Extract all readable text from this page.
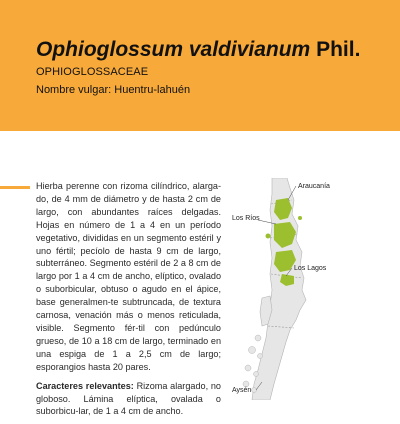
Ophioglossum valdivianum Phil.
OPHIOGLOSSACEAE
Nombre vulgar: Huentru-lahuén

Hierba perenne con rizoma cilíndrico, alarga-do, de 4 mm de diámetro y de hasta 2 cm de largo, con abundantes raíces delgadas. Hojas en número de 1 a 4 en un período vegetativo, divididas en un segmento estéril y uno fértil; pecíolo de hasta 9 cm de largo, subterráneo. Segmento estéril de 2 a 8 cm de largo por 1 a 4 cm de ancho, elíptico, ovalado o suborbicular, obtuso o agudo en el ápice, base generalmen-te subtruncada, de textura carnosa, venación más o menos reticulada, visible. Segmento fér-til con pedúnculo grueso, de 10 a 18 cm de largo, terminado en una espiga de 1 a 2,5 cm de largo; esporangios hasta 20 pares.

Caracteres relevantes: Rizoma alargado, no globoso. Lámina elíptica, ovalada o suborbicu-lar, de 1 a 4 cm de ancho.

Araucanía
Los Ríos
Los Lagos
Aysén
